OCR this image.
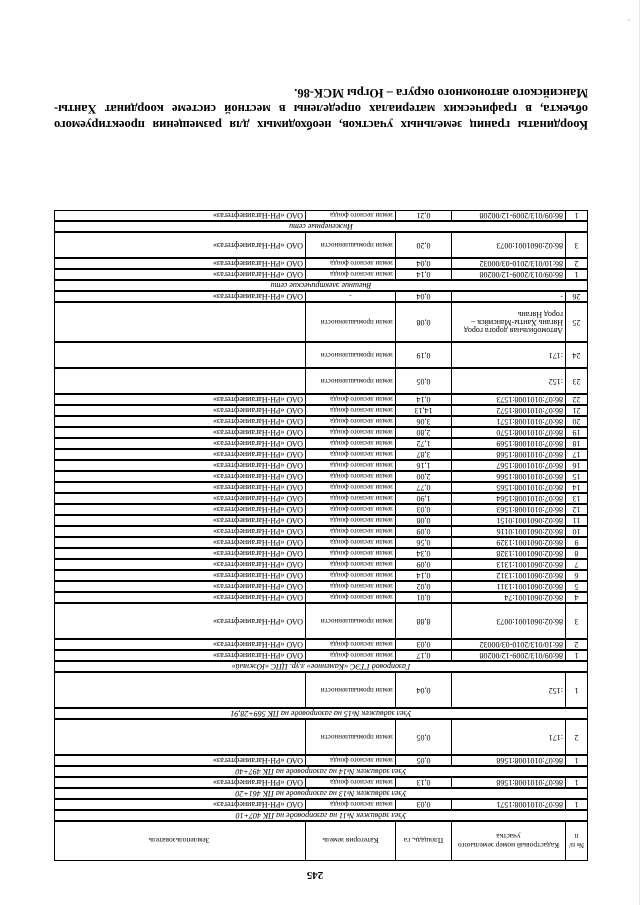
245
№ п/п
Кадастровый номер земельного участка
Площадь, га
Категория земель
Землепользователь
Узел задвижек №11 на газопроводе на ПК 407+10
1
86:07:0101008:1571
0,03
земли лесного фонда
ОАО «РН-Нагаинефтегаз»
Узел задвижек №13 на газопроводе на ПК 461+20
1
86:07:0101008:1568
0,13
земли лесного фонда
ОАО «РН-Нагаинефтегаз»
Узел задвижек №14 на газопроводе на ПК 497+40
1
86:07:0101008:1568
0,05
земли лесного фонда
ОАО «РН-Нагаинефтегаз»
2
:171
0,05
земли промышленности
Узел задвижек №15 на газопроводе на ПК 569+28,91
1
:152
0,04
земли промышленности
Газопровод ГТЭС «Каменное» л.ур. ЦПС «Южный»
1
86:09/013/2009-12/00208
0,17
земли лесного фонда
ОАО «РН-Нагаинефтегаз»
2
86:10/013/2010-03/00032
0,03
земли лесного фонда
ОАО «РН-Нагаинефтегаз»
3
86:02:0601001:0073
8,88
земли промышленности
ОАО «РН-Нагаинефтегаз»
4
86:02:0601001:74
0,01
земли лесного фонда
ОАО «РН-Нагаинефтегаз»
5
86:02:0601001:1311
0,02
земли лесного фонда
ОАО «РН-Нагаинефтегаз»
6
86:02:0601001:1312
0,14
земли лесного фонда
ОАО «РН-Нагаинефтегаз»
7
86:02:0601001:1313
0,09
земли лесного фонда
ОАО «РН-Нагаинефтегаз»
8
86:02:0601001:1328
0,34
земли лесного фонда
ОАО «РН-Нагаинефтегаз»
9
86:02:0601001:1329
0,56
земли лесного фонда
ОАО «РН-Нагаинефтегаз»
10
86:02:0601001:0116
0,09
земли лесного фонда
ОАО «РН-Нагаинефтегаз»
11
86:02:0601001:0151
0,08
земли лесного фонда
ОАО «РН-Нагаинефтегаз»
12
86:07:0101008:1563
0,03
земли лесного фонда
ОАО «РН-Нагаинефтегаз»
13
86:07:0101008:1564
1,90
земли лесного фонда
ОАО «РН-Нагаинефтегаз»
14
86:07:0101008:1565
0,77
земли лесного фонда
ОАО «РН-Нагаинефтегаз»
15
86:07:0101008:1566
2,00
земли лесного фонда
ОАО «РН-Нагаинефтегаз»
16
86:07:0101008:1567
1,16
земли лесного фонда
ОАО «РН-Нагаинефтегаз»
17
86:07:0101008:1568
3,87
земли лесного фонда
ОАО «РН-Нагаинефтегаз»
18
86:07:0101008:1569
1,72
земли лесного фонда
ОАО «РН-Нагаинефтегаз»
19
86:07:0101008:1570
2,80
земли лесного фонда
ОАО «РН-Нагаинефтегаз»
20
86:07:0101008:1571
3,06
земли лесного фонда
ОАО «РН-Нагаинефтегаз»
21
86:07:0101008:1572
14,13
земли лесного фонда
ОАО «РН-Нагаинефтегаз»
22
86:07:0101008:1573
0,14
земли лесного фонда
ОАО «РН-Нагаинефтегаз»
23
:152
0,05
земли промышленности
24
:171
0,19
земли промышленности
25
Автомобильная дорога город Нягань Ханты-Мансийск – город Нягань
0,08
земли промышленности
26
-
0,04
-
ОАО «РН-Нагаинефтегаз»
Внешние электрические сети
1
86:09/013/2009-12/00208
0,14
земли лесного фонда
ОАО «РН-Нагаинефтегаз»
2
86:10/013/2010-03/00032
0,04
земли лесного фонда
ОАО «РН-Нагаинефтегаз»
3
86:02:0601001:0073
0,20
земли промышленности
ОАО «РН-Нагаинефтегаз»
Инженерные сети
1
86:09/013/2009-12/00208
0,21
земли лесного фонда
ОАО «РН-Нагаинефтегаз»
Координаты границ земельных участков, необходимых для размещения проектируемого объекта, в графических материалах определены в местной системе координат Ханты-Мансийского автономного округа – Югры МСК-86.
,
